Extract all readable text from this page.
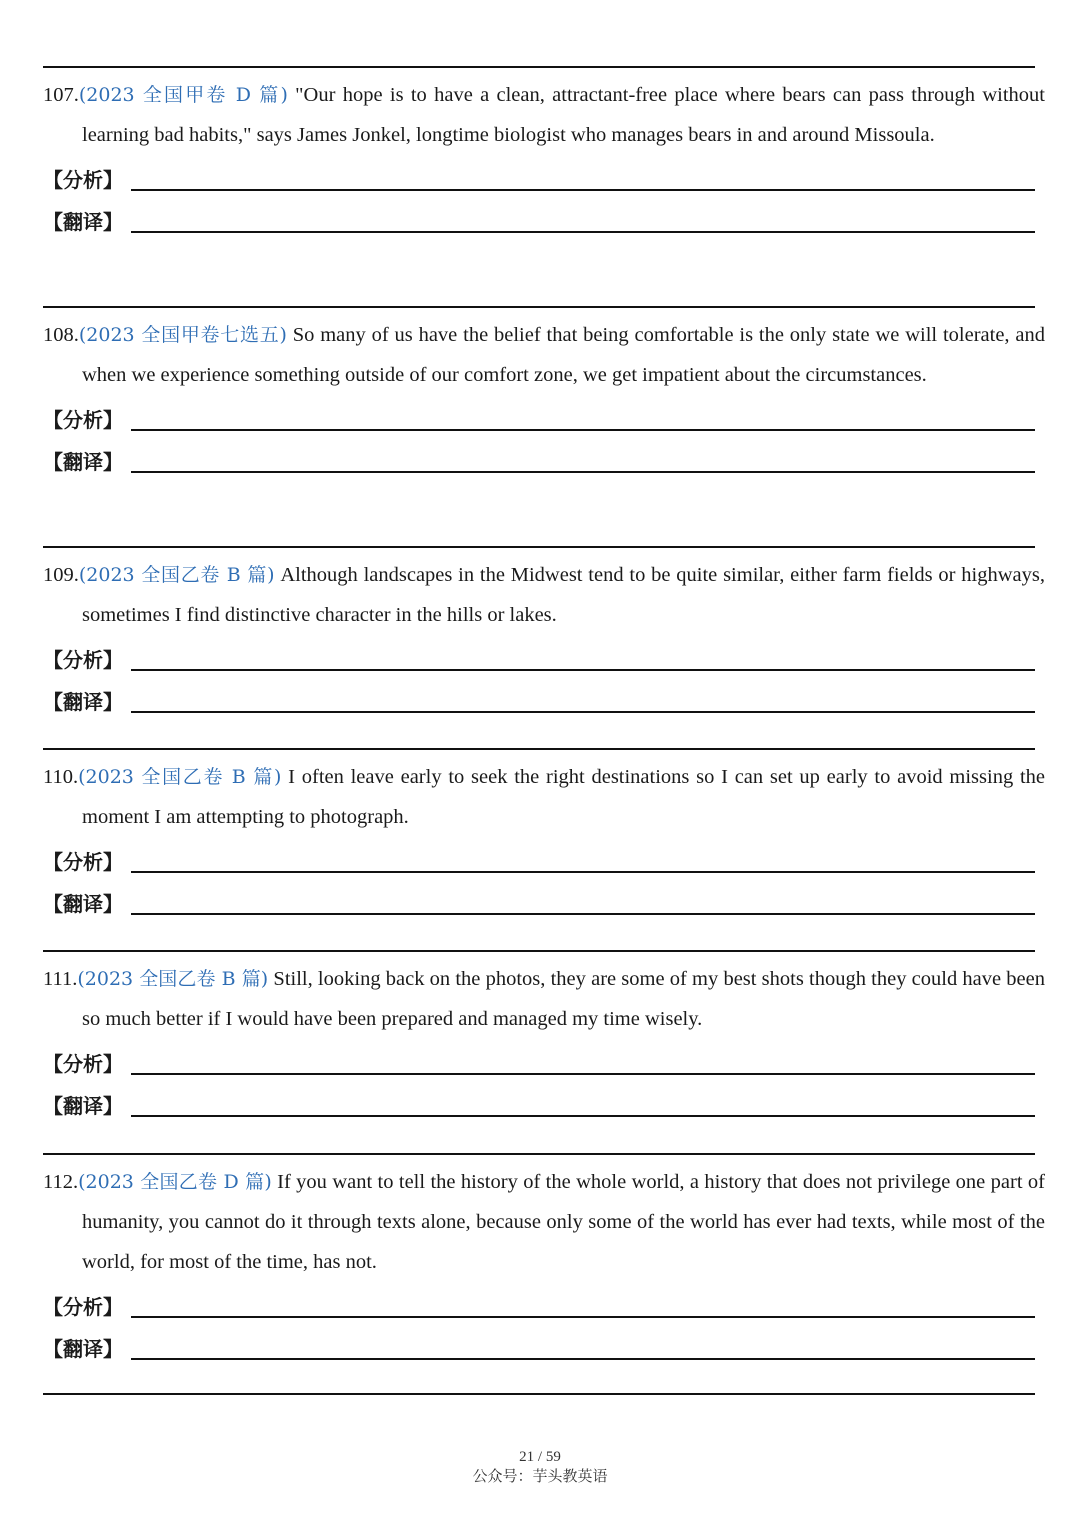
107.(2023 全国甲卷 D 篇) "Our hope is to have a clean, attractant-free place where bears can pass through without learning bad habits," says James Jonkel, longtime biologist who manages bears in and around Missoula.

【分析】
【翻译】

108.(2023 全国甲卷七选五) So many of us have the belief that being comfortable is the only state we will tolerate, and when we experience something outside of our comfort zone, we get impatient about the circumstances.

【分析】
【翻译】

109.(2023 全国乙卷 B 篇) Although landscapes in the Midwest tend to be quite similar, either farm fields or highways, sometimes I find distinctive character in the hills or lakes.

【分析】
【翻译】

110.(2023 全国乙卷 B 篇) I often leave early to seek the right destinations so I can set up early to avoid missing the moment I am attempting to photograph.

【分析】
【翻译】

111.(2023 全国乙卷 B 篇) Still, looking back on the photos, they are some of my best shots though they could have been so much better if I would have been prepared and managed my time wisely.

【分析】
【翻译】

112.(2023 全国乙卷 D 篇) If you want to tell the history of the whole world, a history that does not privilege one part of humanity, you cannot do it through texts alone, because only some of the world has ever had texts, while most of the world, for most of the time, has not.

【分析】
【翻译】
21 / 59
公众号：芋头教英语
